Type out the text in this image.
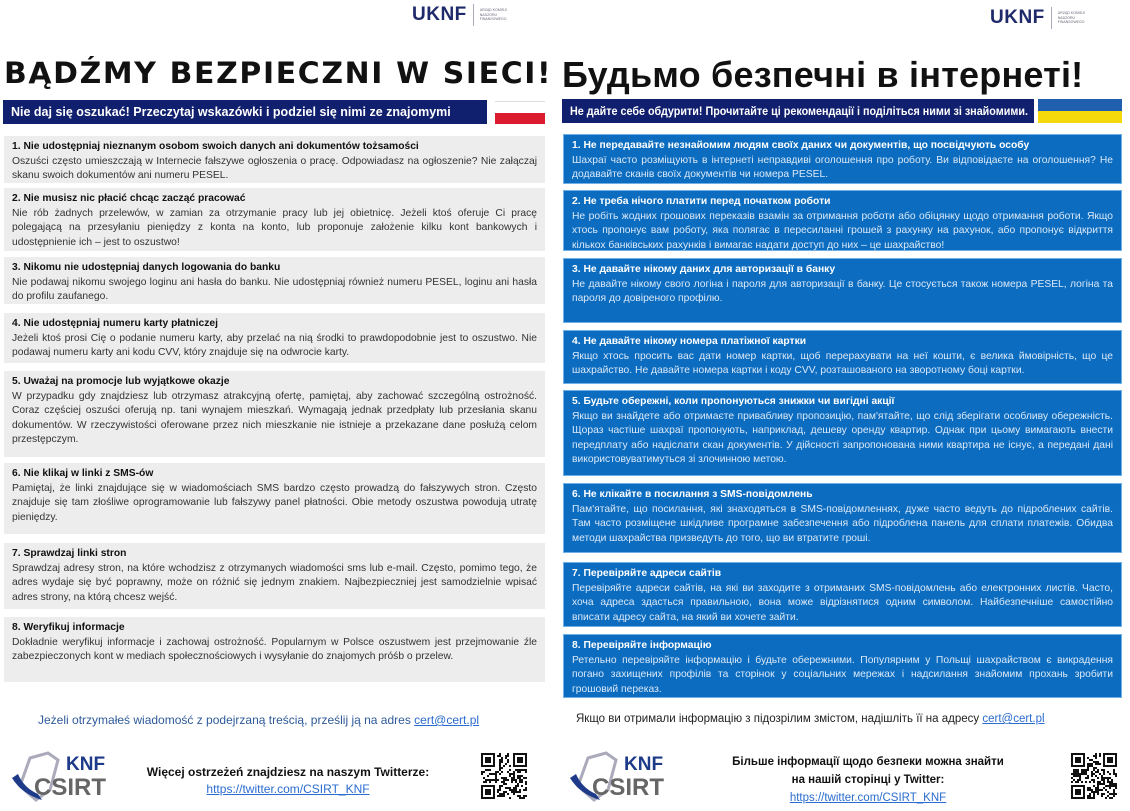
UKNF	URZĄD KOMISJI NADZORU FINANSOWEGO
BĄDŹMY BEZPIECZNI W SIECI!
Nie daj się oszukać! Przeczytaj wskazówki i podziel się nimi ze znajomymi
1. Nie udostępniaj nieznanym osobom swoich danych ani dokumentów tożsamości
Oszuści często umieszczają w Internecie fałszywe ogłoszenia o pracę. Odpowiadasz na ogłoszenie? Nie załączaj skanu swoich dokumentów ani numeru PESEL.
2. Nie musisz nic płacić chcąc zacząć pracować
Nie rób żadnych przelewów, w zamian za otrzymanie pracy lub jej obietnicę. Jeżeli ktoś oferuje Ci pracę polegającą na przesyłaniu pieniędzy z konta na konto, lub proponuje założenie kilku kont bankowych i udostępnienie ich – jest to oszustwo!
3. Nikomu nie udostępniaj danych logowania do banku
Nie podawaj nikomu swojego loginu ani hasła do banku. Nie udostępniaj również numeru PESEL, loginu ani hasła do profilu zaufanego.
4. Nie udostępniaj numeru karty płatniczej
Jeżeli ktoś prosi Cię o podanie numeru karty, aby przelać na nią środki to prawdopodobnie jest to oszustwo. Nie podawaj numeru karty ani kodu CVV, który znajduje się na odwrocie karty.
5. Uważaj na promocje lub wyjątkowe okazje
W przypadku gdy znajdziesz lub otrzymasz atrakcyjną ofertę, pamiętaj, aby zachować szczególną ostrożność. Coraz częściej oszuści oferują np. tani wynajem mieszkań. Wymagają jednak przedpłaty lub przesłania skanu dokumentów. W rzeczywistości oferowane przez nich mieszkanie nie istnieje a przekazane dane posłużą celom przestępczym.
6. Nie klikaj w linki z SMS-ów
Pamiętaj, że linki znajdujące się w wiadomościach SMS bardzo często prowadzą do fałszywych stron. Często znajduje się tam złośliwe oprogramowanie lub fałszywy panel płatności. Obie metody oszustwa powodują utratę pieniędzy.
7. Sprawdzaj linki stron
Sprawdzaj adresy stron, na które wchodzisz z otrzymanych wiadomości sms lub e-mail. Często, pomimo tego, że adres wydaje się być poprawny, może on różnić się jednym znakiem. Najbezpieczniej jest samodzielnie wpisać adres strony, na którą chcesz wejść.
8. Weryfikuj informacje
Dokładnie weryfikuj informacje i zachowaj ostrożność. Popularnym w Polsce oszustwem jest przejmowanie źle zabezpieczonych kont w mediach społecznościowych i wysyłanie do znajomych próśb o przelew.
Jeżeli otrzymałeś wiadomość z podejrzaną treścią, prześlij ją na adres cert@cert.pl
KNF
CSIRT
Więcej ostrzeżeń znajdziesz na naszym Twitterze:
https://twitter.com/CSIRT_KNF
UKNF	URZĄD KOMISJI NADZORU FINANSOWEGO
Будьмо безпечні в інтернеті!
Не дайте себе обдурити! Прочитайте ці рекомендації і поділіться ними зі знайомими.
1. Не передавайте незнайомим людям своїх даних чи документів, що посвідчують особу
Шахраї часто розміщують в інтернеті неправдиві оголошення про роботу. Ви відповідаєте на оголошення? Не додавайте сканів своїх документів чи номера PESEL.
2. Не треба нічого платити перед початком роботи
Не робіть жодних грошових переказів взамін за отримання роботи або обіцянку щодо отримання роботи. Якщо хтось пропонує вам роботу, яка полягає в пересиланні грошей з рахунку на рахунок, або пропонує відкриття кількох банківських рахунків і вимагає надати доступ до них – це шахрайство!
3. Не давайте нікому даних для авторизації в банку
Не давайте нікому свого логіна і пароля для авторизації в банку. Це стосується також номера PESEL, логіна та пароля до довіреного профілю.
4. Не давайте нікому номера платіжної картки
Якщо хтось просить вас дати номер картки, щоб перерахувати на неї кошти, є велика ймовірність, що це шахрайство. Не давайте номера картки і коду CVV, розташованого на зворотному боці картки.
5. Будьте обережні, коли пропонуються знижки чи вигідні акції
Якщо ви знайдете або отримаєте привабливу пропозицію, пам'ятайте, що слід зберігати особливу обережність. Щораз частіше шахраї пропонують, наприклад, дешеву оренду квартир. Однак при цьому вимагають внести передплату або надіслати скан документів. У дійсності запропонована ними квартира не існує, а передані дані використовуватимуться зі злочинною метою.
6. Не клікайте в посилання з SMS-повідомлень
Пам'ятайте, що посилання, які знаходяться в SMS-повідомленнях, дуже часто ведуть до підроблених сайтів. Там часто розміщене шкідливе програмне забезпечення або підроблена панель для сплати платежів. Обидва методи шахрайства призведуть до того, що ви втратите гроші.
7. Перевіряйте адреси сайтів
Перевіряйте адреси сайтів, на які ви заходите з отриманих SMS-повідомлень або електронних листів. Часто, хоча адреса здасться правильною, вона може відрізнятися одним символом. Найбезпечніше самостійно вписати адресу сайта, на який ви хочете зайти.
8. Перевіряйте інформацію
Ретельно перевіряйте інформацію і будьте обережними. Популярним у Польщі шахрайством є викрадення погано захищених профілів та сторінок у соціальних мережах і надсилання знайомим прохань зробити грошовий переказ.
Якщо ви отримали інформацію з підозрілим змістом, надішліть її на адресу cert@cert.pl
KNF
CSIRT
Більше інформації щодо безпеки можна знайти
на нашій сторінці у Twitter:
https://twitter.com/CSIRT_KNF
